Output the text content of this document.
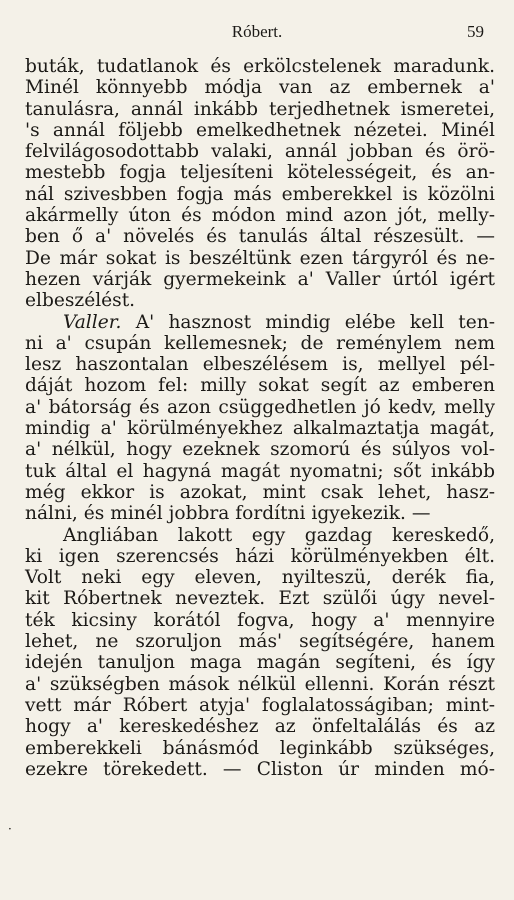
Róbert.	59
buták, tudatlanok és erkölcstelenek maradunk.
Minél könnyebb módja van az embernek a'
tanulásra, annál inkább terjedhetnek ismeretei,
's annál följebb emelkedhetnek nézetei. Minél
felvilágosodottabb valaki, annál jobban és örö-
mestebb fogja teljesíteni kötelességeit, és an-
nál szivesbben fogja más emberekkel is közölni
akármelly úton és módon mind azon jót, melly-
ben ő a' növelés és tanulás által részesült. —
De már sokat is beszéltünk ezen tárgyról és ne-
hezen várják gyermekeink a' Valler úrtól igért
elbeszélést.
Valler. A' hasznost mindig elébe kell ten-
ni a' csupán kellemesnek; de reménylem nem
lesz haszontalan elbeszélésem is, mellyel pél-
dáját hozom fel: milly sokat segít az emberen
a' bátorság és azon csüggedhetlen jó kedv, melly
mindig a' körülményekhez alkalmaztatja magát,
a' nélkül, hogy ezeknek szomorú és súlyos vol-
tuk által el hagyná magát nyomatni; sőt inkább
még ekkor is azokat, mint csak lehet, hasz-
nálni, és minél jobbra fordítni igyekezik. —
Angliában lakott egy gazdag kereskedő,
ki igen szerencsés házi körülményekben élt.
Volt neki egy eleven, nyilteszü, derék fia,
kit Róbertnek neveztek. Ezt szülői úgy nevel-
ték kicsiny korától fogva, hogy a' mennyire
lehet, ne szoruljon más' segítségére, hanem
idején tanuljon maga magán segíteni, és így
a' szükségben mások nélkül ellenni. Korán részt
vett már Róbert atyja' foglalatosságiban; mint-
hogy a' kereskedéshez az önfeltalálás és az
emberekkeli bánásmód leginkább szükséges,
ezekre törekedett. — Cliston úr minden mó-
·
